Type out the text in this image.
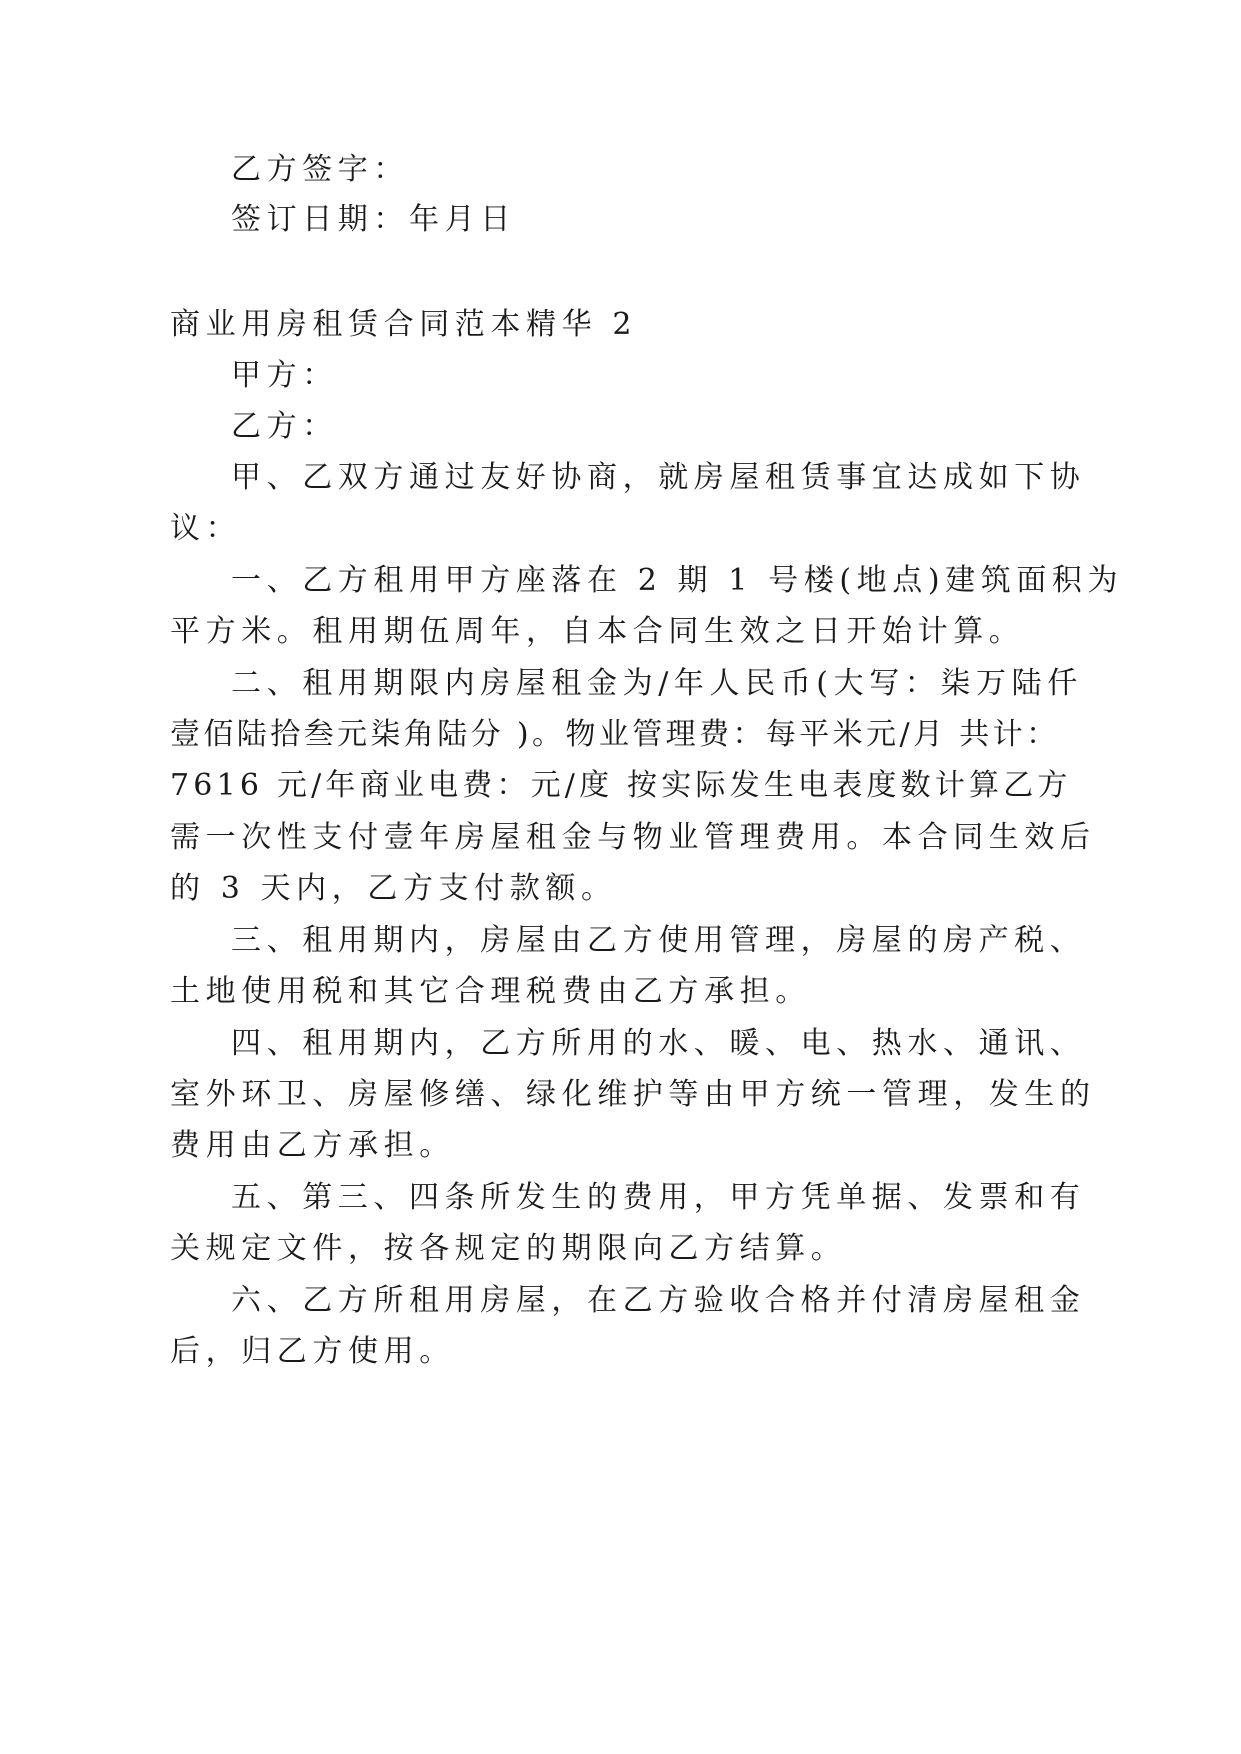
乙方签字：
签订日期：年月日
商业用房租赁合同范本精华 2
甲方：
乙方：
甲、乙双方通过友好协商，就房屋租赁事宜达成如下协
议：
一、乙方租用甲方座落在 2 期 1 号楼(地点)建筑面积为
平方米。租用期伍周年，自本合同生效之日开始计算。
二、租用期限内房屋租金为/年人民币(大写：柒万陆仟
壹佰陆拾叁元柒角陆分 )。物业管理费：每平米元/月 共计：
7616 元/年商业电费：元/度 按实际发生电表度数计算乙方
需一次性支付壹年房屋租金与物业管理费用。本合同生效后
的 3 天内，乙方支付款额。
三、租用期内，房屋由乙方使用管理，房屋的房产税、
土地使用税和其它合理税费由乙方承担。
四、租用期内，乙方所用的水、暖、电、热水、通讯、
室外环卫、房屋修缮、绿化维护等由甲方统一管理，发生的
费用由乙方承担。
五、第三、四条所发生的费用，甲方凭单据、发票和有
关规定文件，按各规定的期限向乙方结算。
六、乙方所租用房屋，在乙方验收合格并付清房屋租金
后，归乙方使用。
